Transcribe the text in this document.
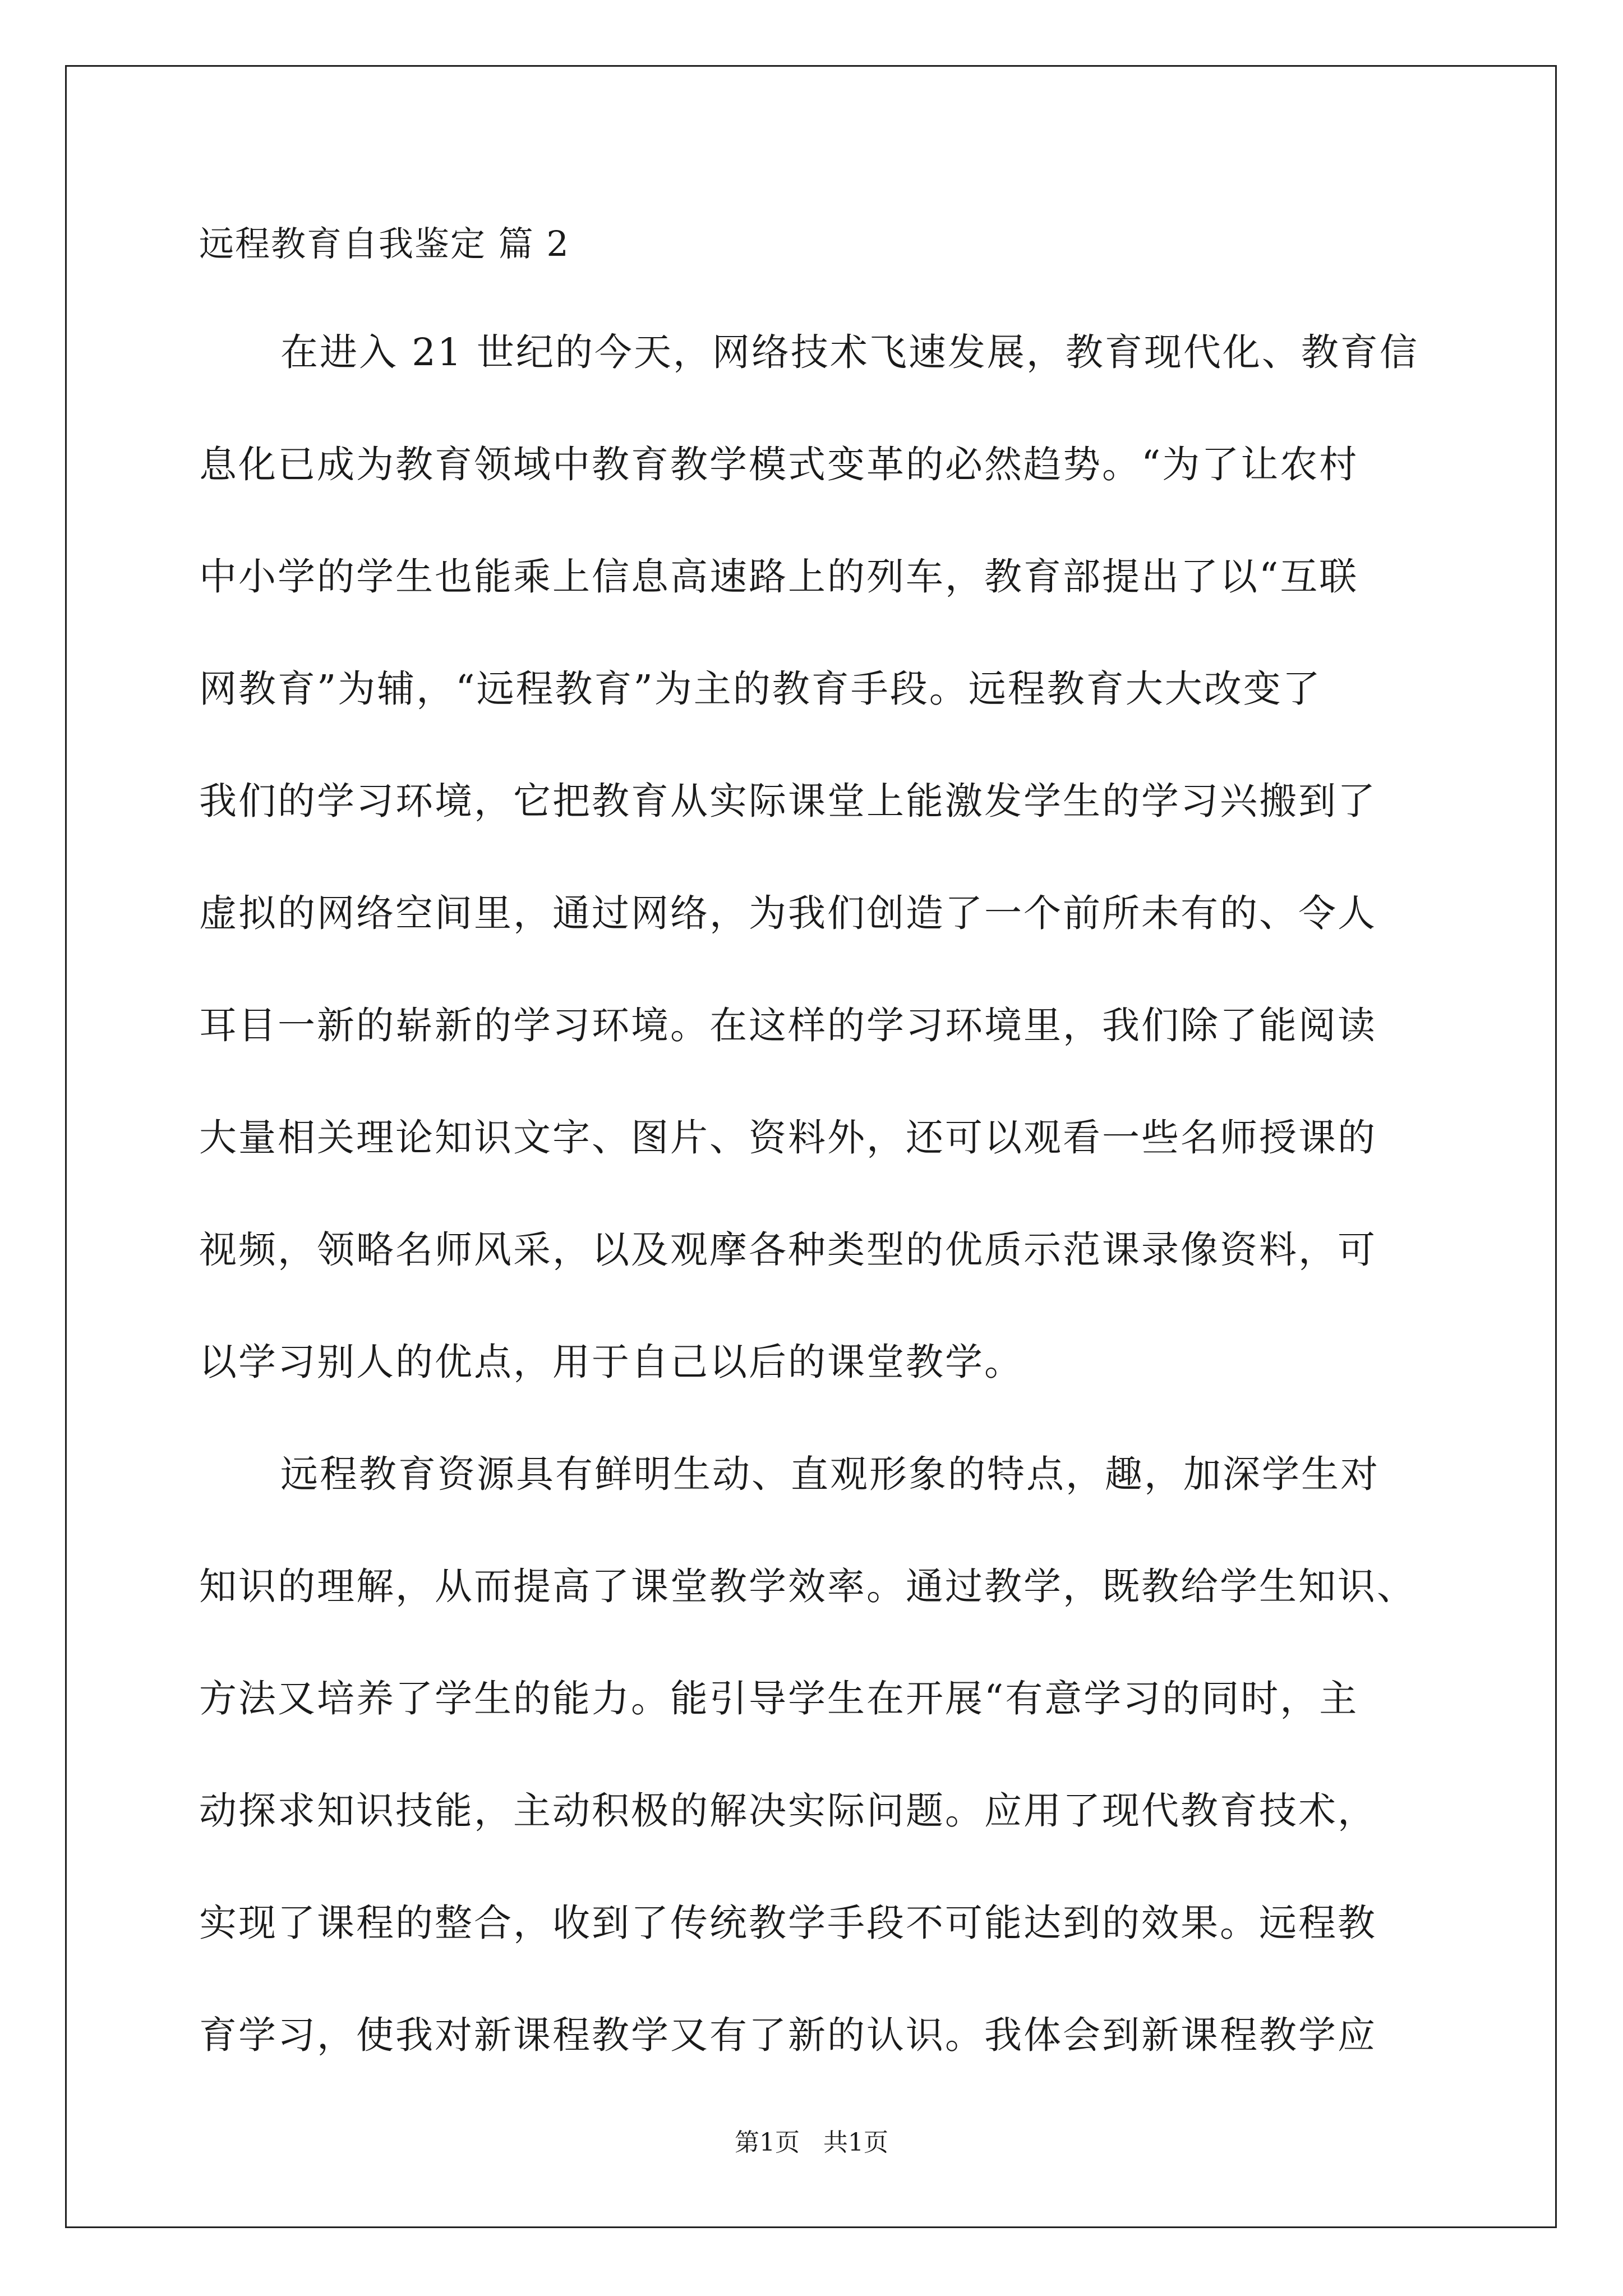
远程教育自我鉴定 篇 2
在进入 21 世纪的今天，网络技术飞速发展，教育现代化、教育信
息化已成为教育领域中教育教学模式变革的必然趋势。“为了让农村
中小学的学生也能乘上信息高速路上的列车，教育部提出了以“互联
网教育”为辅，“远程教育”为主的教育手段。远程教育大大改变了
我们的学习环境，它把教育从实际课堂上能激发学生的学习兴搬到了
虚拟的网络空间里，通过网络，为我们创造了一个前所未有的、令人
耳目一新的崭新的学习环境。在这样的学习环境里，我们除了能阅读
大量相关理论知识文字、图片、资料外，还可以观看一些名师授课的
视频，领略名师风采，以及观摩各种类型的优质示范课录像资料，可
以学习别人的优点，用于自己以后的课堂教学。
远程教育资源具有鲜明生动、直观形象的特点，趣，加深学生对
知识的理解，从而提高了课堂教学效率。通过教学，既教给学生知识、
方法又培养了学生的能力。能引导学生在开展“有意学习的同时，主
动探求知识技能，主动积极的解决实际问题。应用了现代教育技术，
实现了课程的整合，收到了传统教学手段不可能达到的效果。远程教
育学习，使我对新课程教学又有了新的认识。我体会到新课程教学应
第1页   共1页
